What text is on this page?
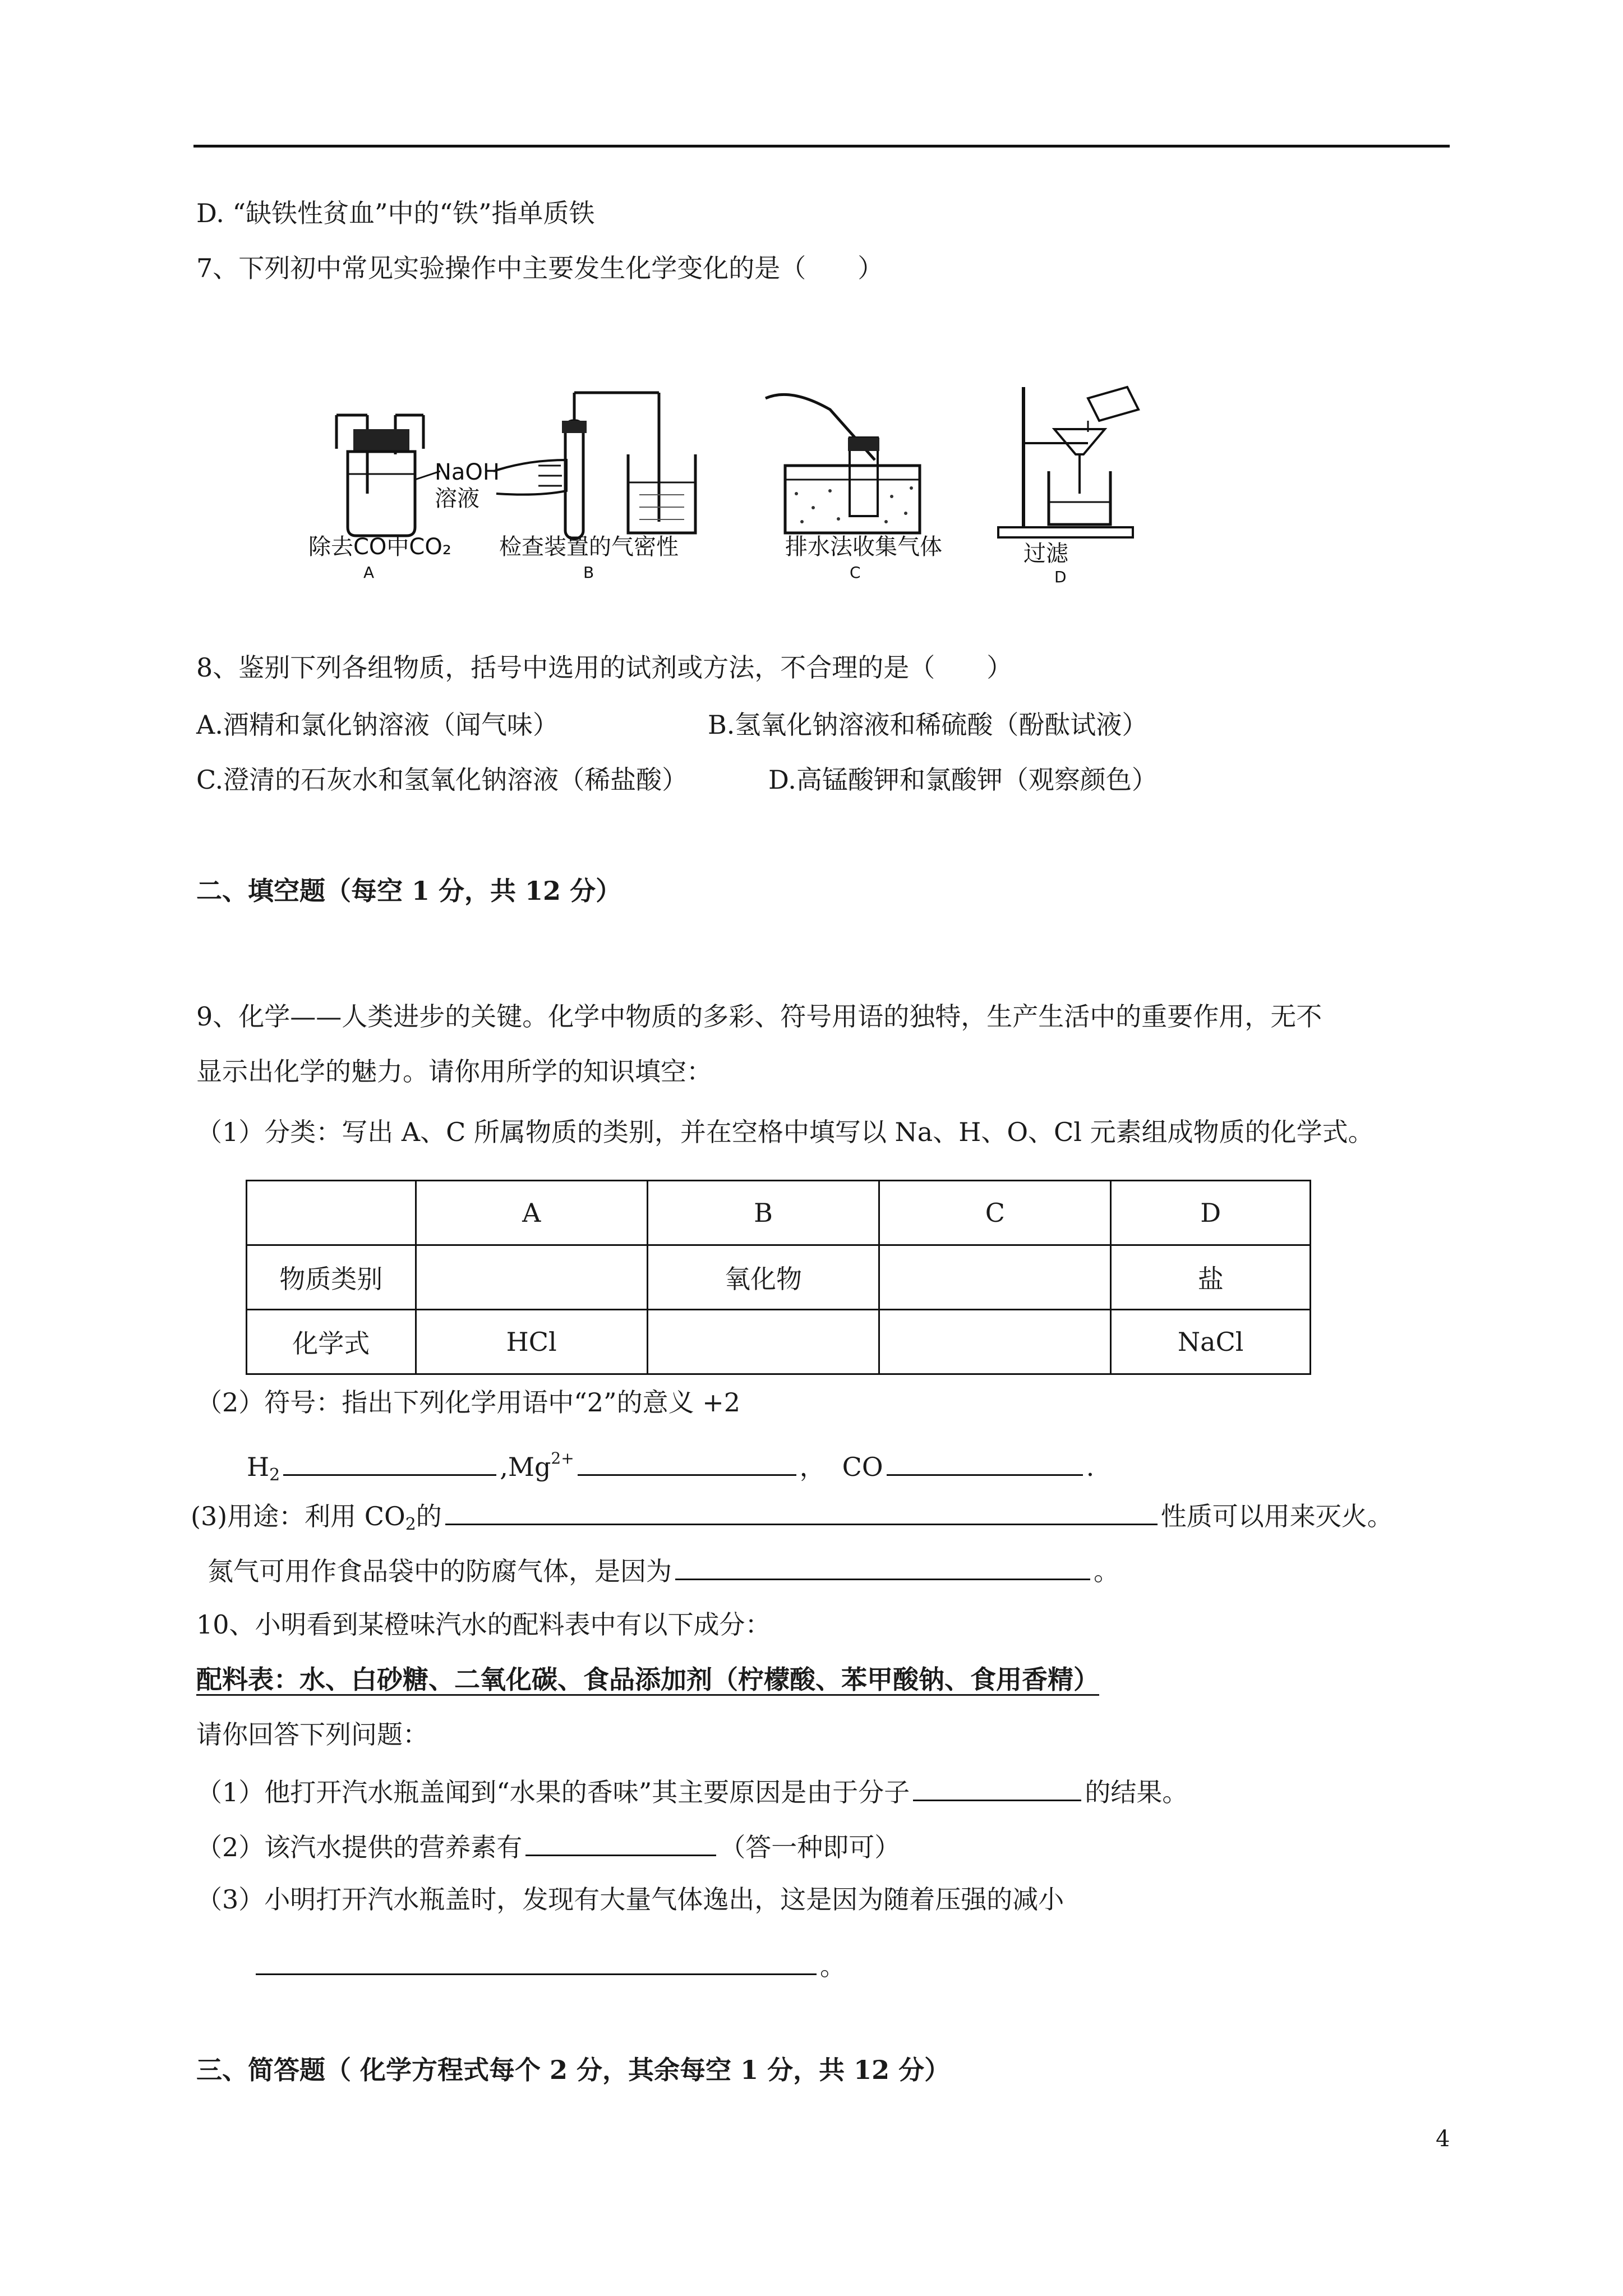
D. “缺铁性贫血”中的“铁”指单质铁
7、下列初中常见实验操作中主要发生化学变化的是（　　）
NaOH
溶液
除去CO中CO₂
A
检查装置的气密性
B
排水法收集气体
C
过滤
D
8、鉴别下列各组物质，括号中选用的试剂或方法，不合理的是（　　）
A.酒精和氯化钠溶液（闻气味）	B.氢氧化钠溶液和稀硫酸（酚酞试液）
C.澄清的石灰水和氢氧化钠溶液（稀盐酸）	D.高锰酸钾和氯酸钾（观察颜色）
二、填空题（每空 1 分，共 12 分）
9、化学——人类进步的关键。化学中物质的多彩、符号用语的独特，生产生活中的重要作用，无不
显示出化学的魅力。请你用所学的知识填空：
（1）分类：写出 A、C 所属物质的类别，并在空格中填写以 Na、H、O、Cl 元素组成物质的化学式。
	A	B	C	D
物质类别		氧化物		盐
化学式	HCl			NaCl
（2）符号：指出下列化学用语中“2”的意义 +2
$H_2$	$,Mg^{2+}$	， CO	.
(3)用途：利用 $CO_2$的	性质可以用来灭火。
氮气可用作食品袋中的防腐气体，是因为	。
10、小明看到某橙味汽水的配料表中有以下成分：
配料表：水、白砂糖、二氧化碳、食品添加剂（柠檬酸、苯甲酸钠、食用香精）
请你回答下列问题：
（1）他打开汽水瓶盖闻到“水果的香味”其主要原因是由于分子	的结果。
（2）该汽水提供的营养素有	（答一种即可）
（3）小明打开汽水瓶盖时，发现有大量气体逸出，这是因为随着压强的减小
。
三、简答题（ 化学方程式每个 2 分，其余每空 1 分，共 12 分）
4
